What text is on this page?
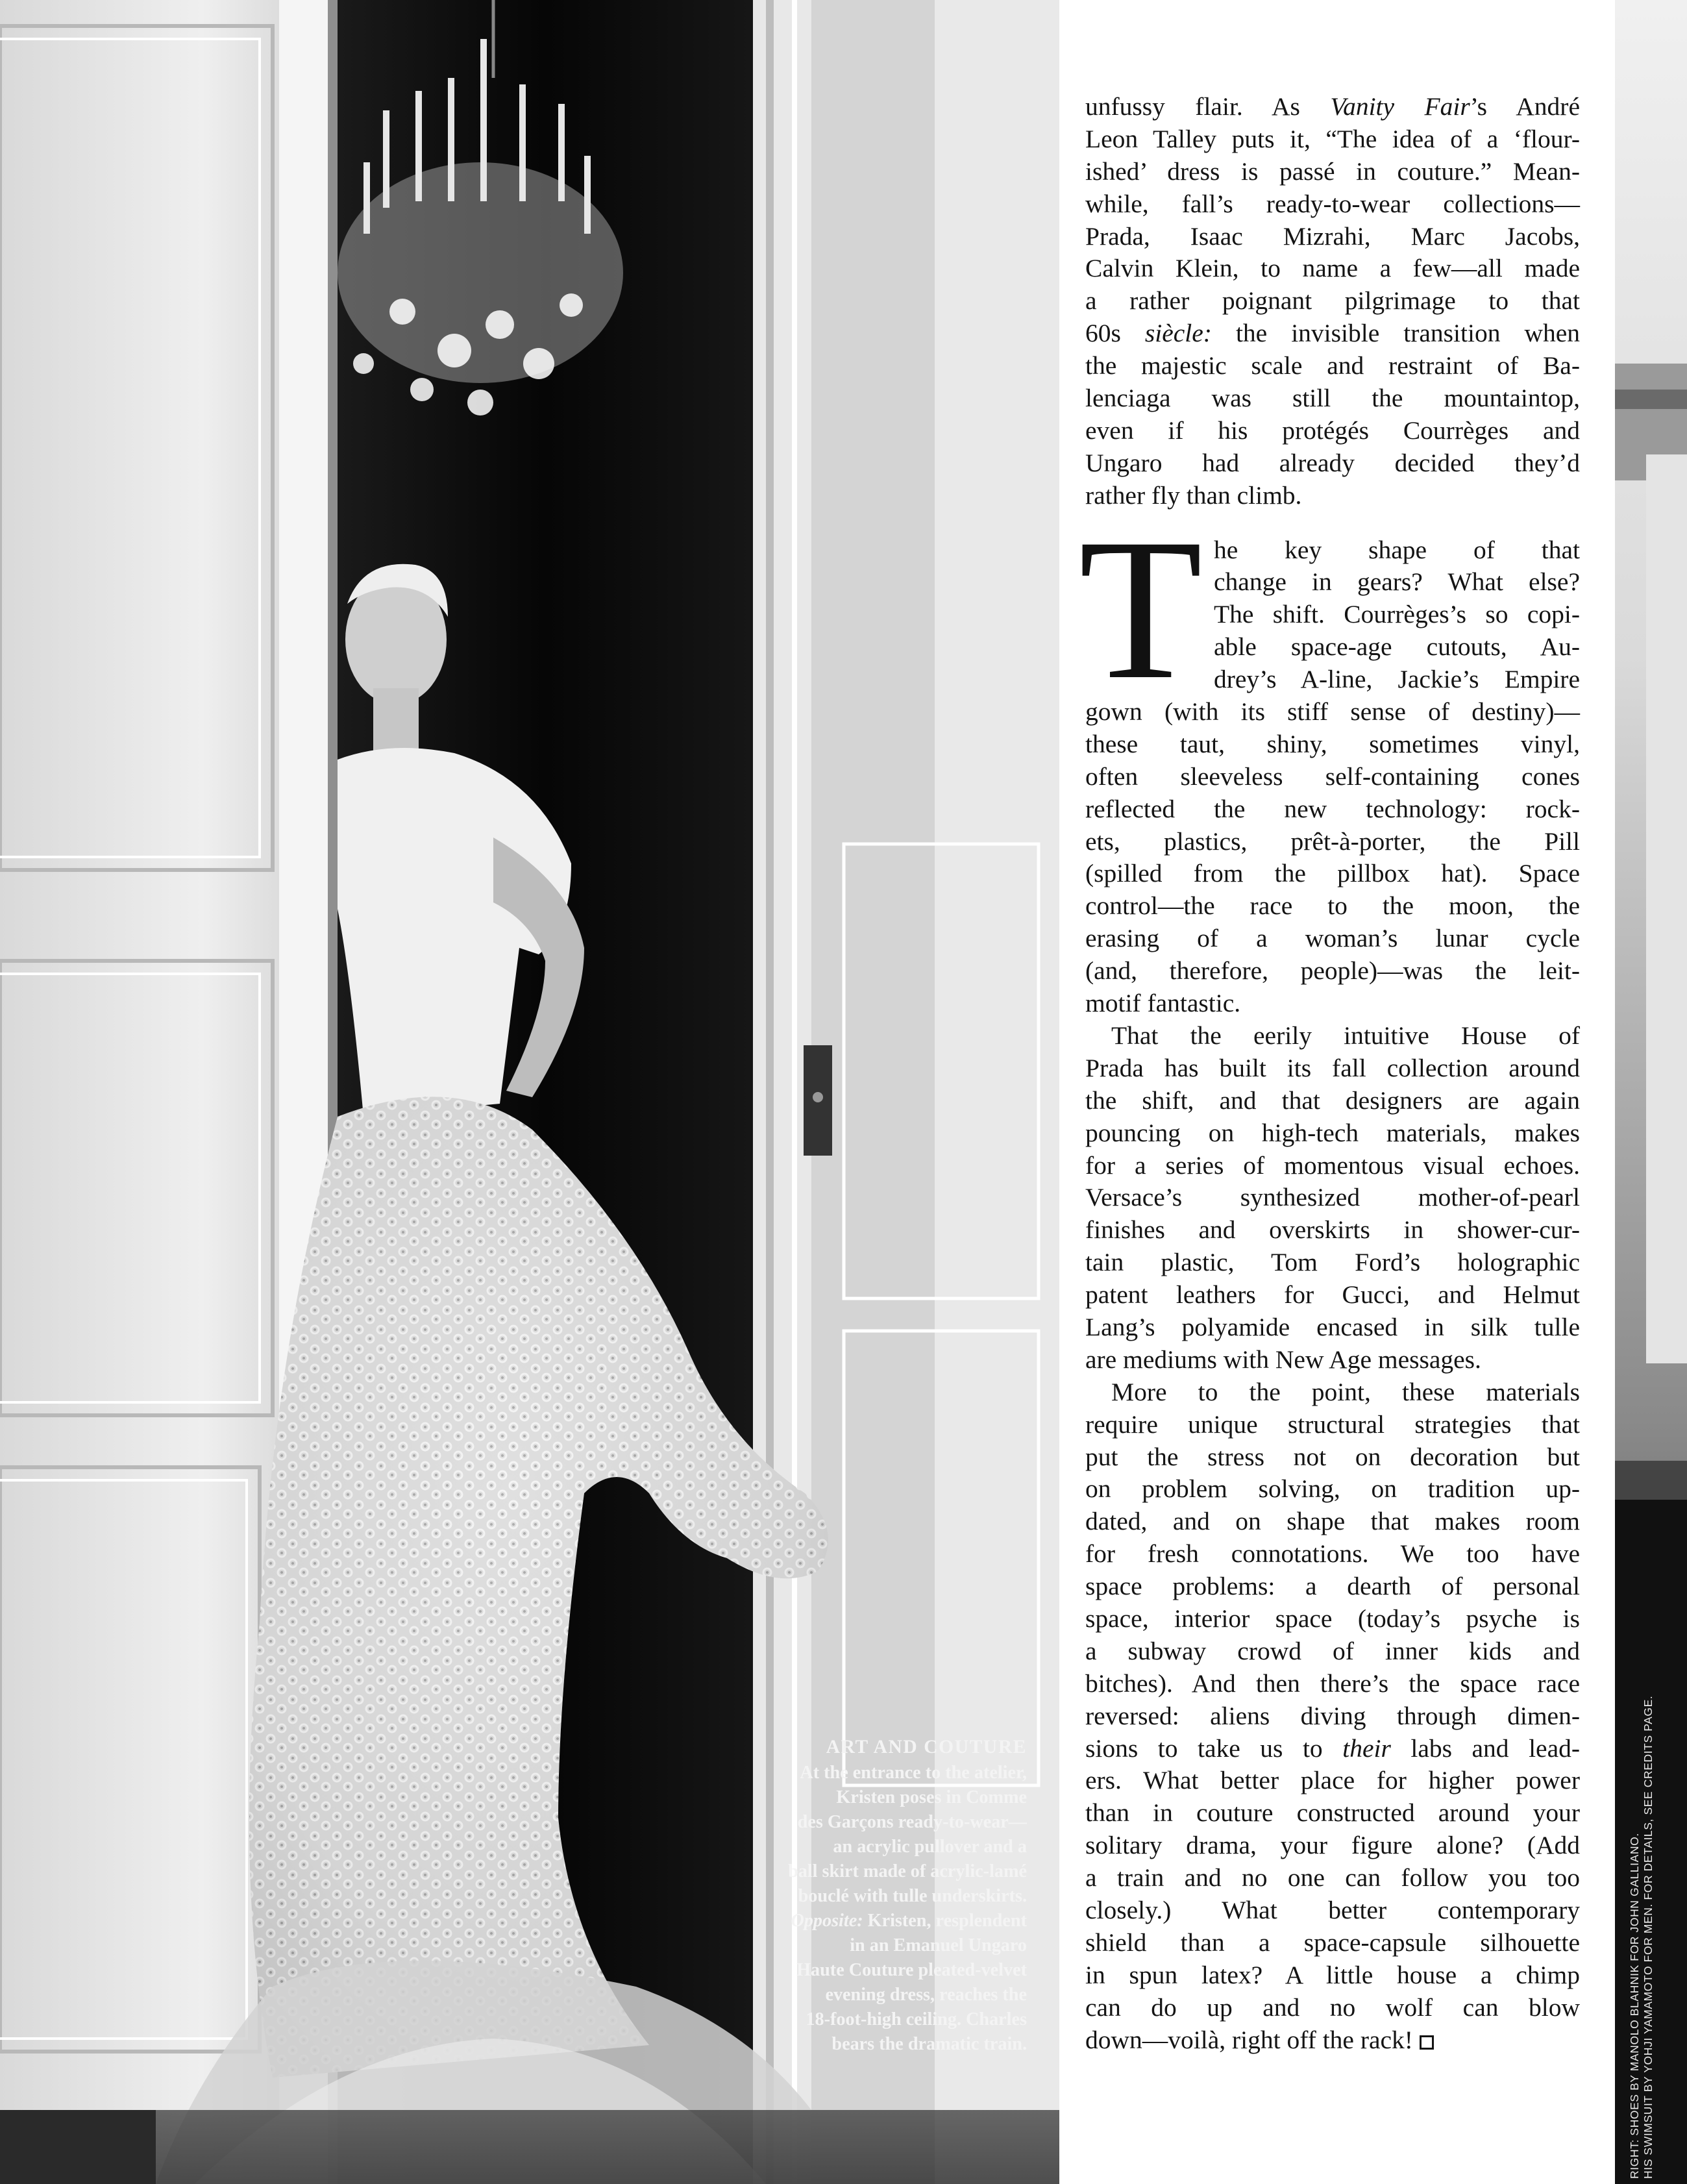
ART AND COUTURE
At the entrance to the atelier,
Kristen poses in Comme
des Garçons ready-to-wear—
an acrylic pullover and a
ball skirt made of acrylic-lamé
bouclé with tulle underskirts.
Opposite: Kristen, resplendent
in an Emanuel Ungaro
Haute Couture pleated-velvet
evening dress, reaches the
18-foot-high ceiling. Charles
bears the dramatic train.
unfussy flair. As Vanity Fair’s André
Leon Talley puts it, “The idea of a ‘flour-
ished’ dress is passé in couture.” Mean-
while, fall’s ready-to-wear collections—
Prada, Isaac Mizrahi, Marc Jacobs,
Calvin Klein, to name a few—all made
a rather poignant pilgrimage to that
60s siècle: the invisible transition when
the majestic scale and restraint of Ba-
lenciaga was still the mountaintop,
even if his protégés Courrèges and
Ungaro had already decided they’d
rather fly than climb.
T he key shape of that
change in gears? What else?
The shift. Courrèges’s so copi-
able space-age cutouts, Au-
drey’s A-line, Jackie’s Empire
gown (with its stiff sense of destiny)—
these taut, shiny, sometimes vinyl,
often sleeveless self-containing cones
reflected the new technology: rock-
ets, plastics, prêt-à-porter, the Pill
(spilled from the pillbox hat). Space
control—the race to the moon, the
erasing of a woman’s lunar cycle
(and, therefore, people)—was the leit-
motif fantastic.
That the eerily intuitive House of
Prada has built its fall collection around
the shift, and that designers are again
pouncing on high-tech materials, makes
for a series of momentous visual echoes.
Versace’s synthesized mother-of-pearl
finishes and overskirts in shower-cur-
tain plastic, Tom Ford’s holographic
patent leathers for Gucci, and Helmut
Lang’s polyamide encased in silk tulle
are mediums with New Age messages.
More to the point, these materials
require unique structural strategies that
put the stress not on decoration but
on problem solving, on tradition up-
dated, and on shape that makes room
for fresh connotations. We too have
space problems: a dearth of personal
space, interior space (today’s psyche is
a subway crowd of inner kids and
bitches). And then there’s the space race
reversed: aliens diving through dimen-
sions to take us to their labs and lead-
ers. What better place for higher power
than in couture constructed around your
solitary drama, your figure alone? (Add
a train and no one can follow you too
closely.) What better contemporary
shield than a space-capsule silhouette
in spun latex? A little house a chimp
can do up and no wolf can blow
down—voilà, right off the rack!	RIGHT: SHOES BY MANOLO BLAHNIK FOR JOHN GALLIANO. HIS SWIMSUIT BY YOHJI YAMAMOTO FOR MEN. FOR DETAILS, SEE CREDITS PAGE.
